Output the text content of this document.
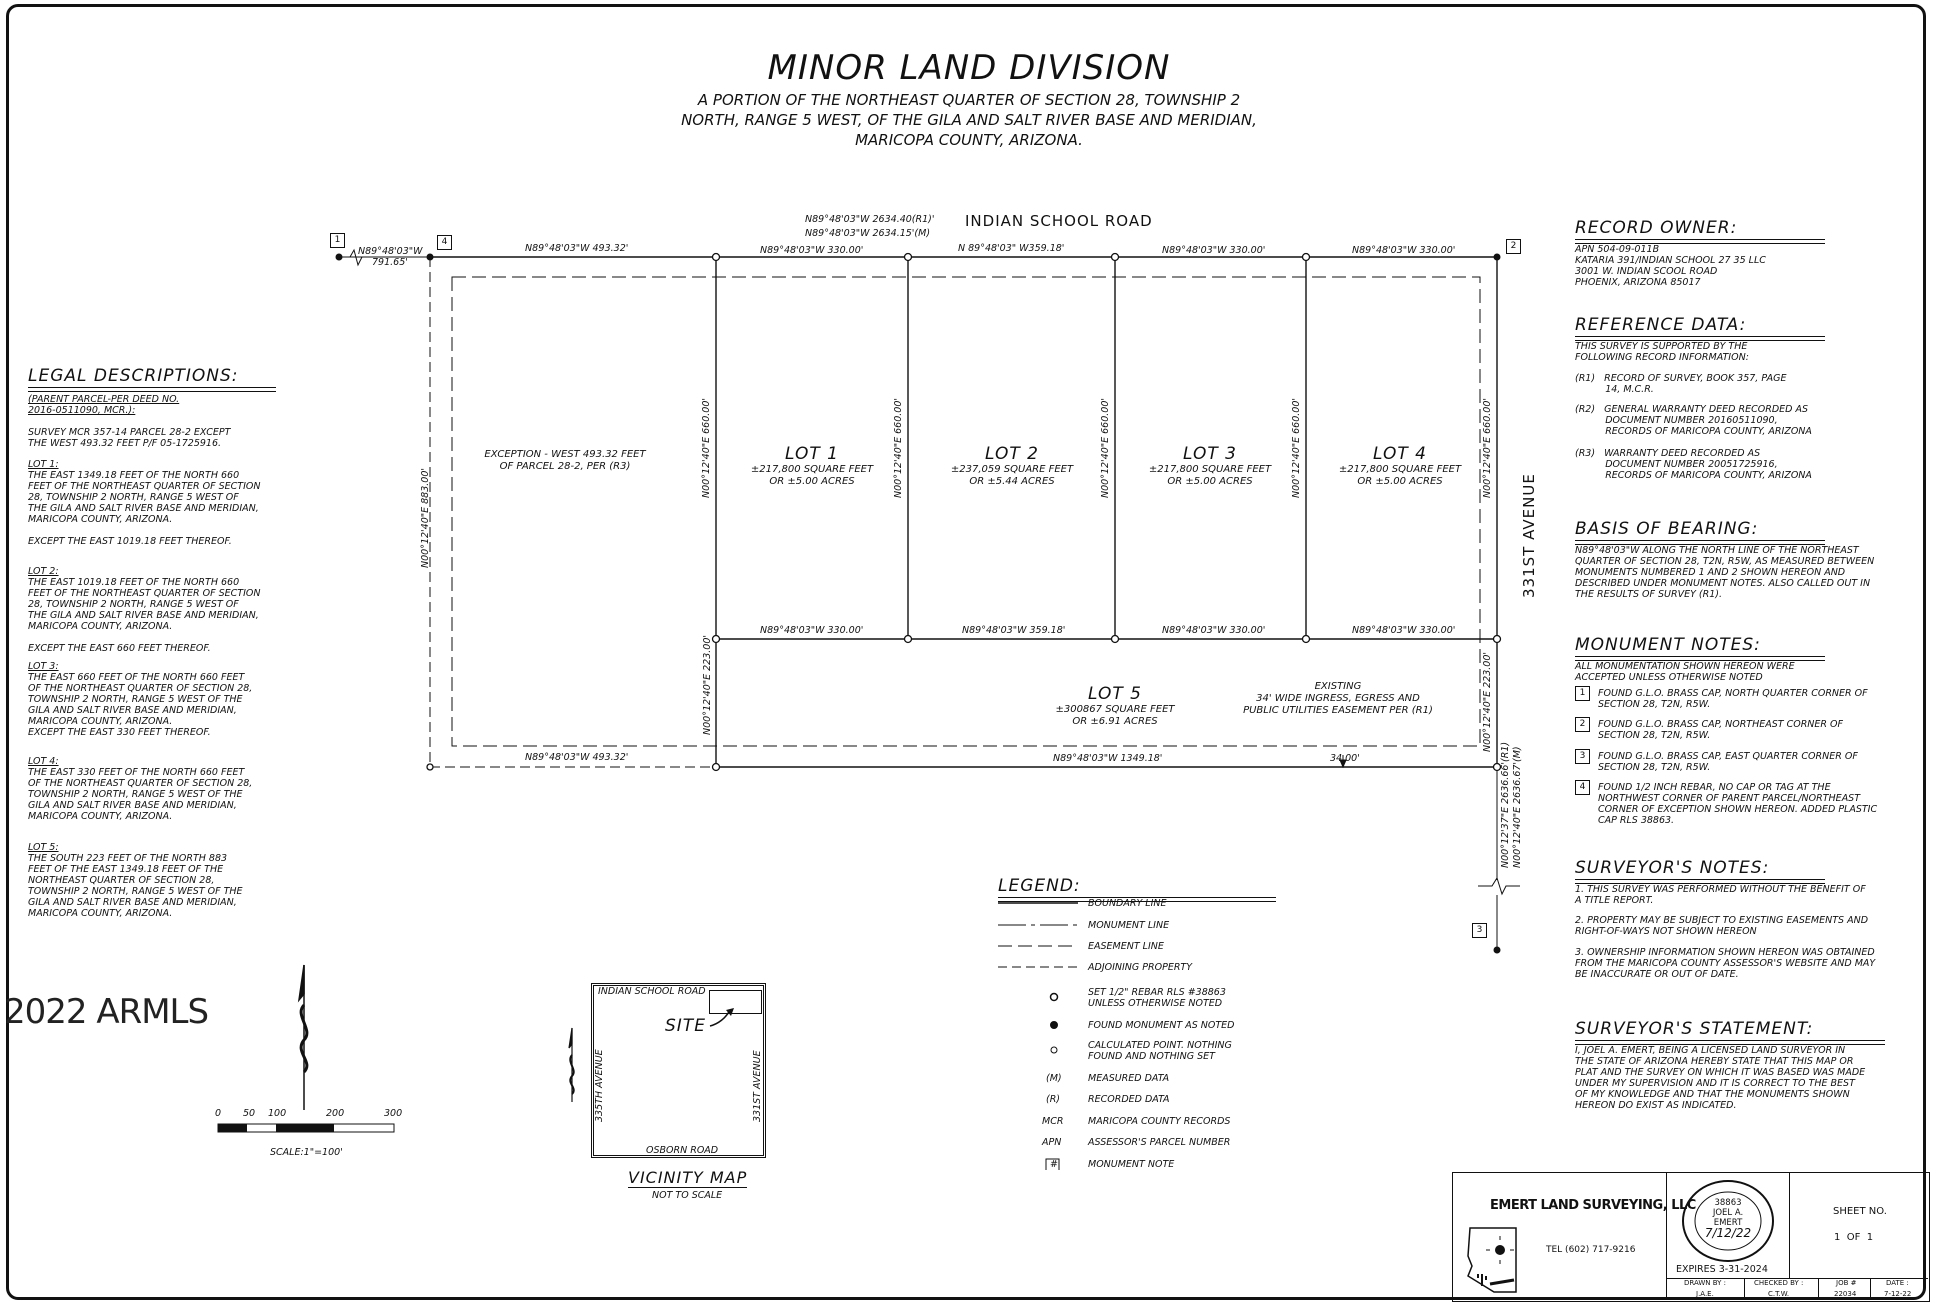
MINOR LAND DIVISION
A PORTION OF THE NORTHEAST QUARTER OF SECTION 28, TOWNSHIP 2
NORTH, RANGE 5 WEST, OF THE GILA AND SALT RIVER BASE AND MERIDIAN,
MARICOPA COUNTY, ARIZONA.
1	4	2
3
INDIAN SCHOOL ROAD
331ST AVENUE
N89°48'03"W 2634.40(R1)'
N89°48'03"W 2634.15'(M)
N89°48'03"W
791.65'
N89°48'03"W 493.32'	N89°48'03"W 330.00'	N 89°48'03" W359.18'	N89°48'03"W 330.00'	N89°48'03"W 330.00'
N89°48'03"W 330.00'	N89°48'03"W 359.18'	N89°48'03"W 330.00'	N89°48'03"W 330.00'
N89°48'03"W 493.32'	N89°48'03"W 1349.18'	34.00'
N00°12'40"E 883.00'
N00°12'40"E 660.00'	N00°12'40"E 660.00'	N00°12'40"E 660.00'	N00°12'40"E 660.00'	N00°12'40"E 660.00'
N00°12'40"E 223.00'	N00°12'40"E 223.00'
N00°12'37"E 2636.66'(R1) N00°12'40"E 2636.67'(M)
EXCEPTION - WEST 493.32 FEET
OF PARCEL 28-2, PER (R3)
LOT 1
±217,800 SQUARE FEET
OR ±5.00 ACRES
LOT 2
±237,059 SQUARE FEET
OR ±5.44 ACRES
LOT 3
±217,800 SQUARE FEET
OR ±5.00 ACRES
LOT 4
±217,800 SQUARE FEET
OR ±5.00 ACRES
LOT 5
±300867 SQUARE FEET
OR ±6.91 ACRES
EXISTING
34' WIDE INGRESS, EGRESS AND
PUBLIC UTILITIES EASEMENT PER (R1)
LEGAL DESCRIPTIONS:
(PARENT PARCEL-PER DEED NO.
2016-0511090, MCR.):
SURVEY MCR 357-14 PARCEL 28-2 EXCEPT
THE WEST 493.32 FEET P/F 05-1725916.
LOT 1:
THE EAST 1349.18 FEET OF THE NORTH 660
FEET OF THE NORTHEAST QUARTER OF SECTION
28, TOWNSHIP 2 NORTH, RANGE 5 WEST OF
THE GILA AND SALT RIVER BASE AND MERIDIAN,
MARICOPA COUNTY, ARIZONA.

EXCEPT THE EAST 1019.18 FEET THEREOF.
LOT 2:
THE EAST 1019.18 FEET OF THE NORTH 660
FEET OF THE NORTHEAST QUARTER OF SECTION
28, TOWNSHIP 2 NORTH, RANGE 5 WEST OF
THE GILA AND SALT RIVER BASE AND MERIDIAN,
MARICOPA COUNTY, ARIZONA.

EXCEPT THE EAST 660 FEET THEREOF.
LOT 3:
THE EAST 660 FEET OF THE NORTH 660 FEET
OF THE NORTHEAST QUARTER OF SECTION 28,
TOWNSHIP 2 NORTH, RANGE 5 WEST OF THE
GILA AND SALT RIVER BASE AND MERIDIAN,
MARICOPA COUNTY, ARIZONA.
EXCEPT THE EAST 330 FEET THEREOF.
LOT 4:
THE EAST 330 FEET OF THE NORTH 660 FEET
OF THE NORTHEAST QUARTER OF SECTION 28,
TOWNSHIP 2 NORTH, RANGE 5 WEST OF THE
GILA AND SALT RIVER BASE AND MERIDIAN,
MARICOPA COUNTY, ARIZONA.
LOT 5:
THE SOUTH 223 FEET OF THE NORTH 883
FEET OF THE EAST 1349.18 FEET OF THE
NORTHEAST QUARTER OF SECTION 28,
TOWNSHIP 2 NORTH, RANGE 5 WEST OF THE
GILA AND SALT RIVER BASE AND MERIDIAN,
MARICOPA COUNTY, ARIZONA.
RECORD OWNER:
APN 504-09-011B
KATARIA 391/INDIAN SCHOOL 27 35 LLC
3001 W. INDIAN SCOOL ROAD
PHOENIX, ARIZONA 85017
REFERENCE DATA:
THIS SURVEY IS SUPPORTED BY THE
FOLLOWING RECORD INFORMATION:
(R1)   RECORD OF SURVEY, BOOK 357, PAGE
14, M.C.R.
(R2)   GENERAL WARRANTY DEED RECORDED AS
DOCUMENT NUMBER 20160511090,
RECORDS OF MARICOPA COUNTY, ARIZONA
(R3)   WARRANTY DEED RECORDED AS
DOCUMENT NUMBER 20051725916,
RECORDS OF MARICOPA COUNTY, ARIZONA
BASIS OF BEARING:
N89°48'03"W ALONG THE NORTH LINE OF THE NORTHEAST
QUARTER OF SECTION 28, T2N, R5W, AS MEASURED BETWEEN
MONUMENTS NUMBERED 1 AND 2 SHOWN HEREON AND
DESCRIBED UNDER MONUMENT NOTES. ALSO CALLED OUT IN
THE RESULTS OF SURVEY (R1).
MONUMENT NOTES:
ALL MONUMENTATION SHOWN HEREON WERE
ACCEPTED UNLESS OTHERWISE NOTED
1	FOUND G.L.O. BRASS CAP, NORTH QUARTER CORNER OF
SECTION 28, T2N, R5W.
2	FOUND G.L.O. BRASS CAP, NORTHEAST CORNER OF
SECTION 28, T2N, R5W.
3	FOUND G.L.O. BRASS CAP, EAST QUARTER CORNER OF
SECTION 28, T2N, R5W.
4	FOUND 1/2 INCH REBAR, NO CAP OR TAG AT THE
NORTHWEST CORNER OF PARENT PARCEL/NORTHEAST
CORNER OF EXCEPTION SHOWN HEREON. ADDED PLASTIC
CAP RLS 38863.
SURVEYOR'S NOTES:
1. THIS SURVEY WAS PERFORMED WITHOUT THE BENEFIT OF
A TITLE REPORT.
2. PROPERTY MAY BE SUBJECT TO EXISTING EASEMENTS AND
RIGHT-OF-WAYS NOT SHOWN HEREON
3. OWNERSHIP INFORMATION SHOWN HEREON WAS OBTAINED
FROM THE MARICOPA COUNTY ASSESSOR'S WEBSITE AND MAY
BE INACCURATE OR OUT OF DATE.
SURVEYOR'S STATEMENT:
I, JOEL A. EMERT, BEING A LICENSED LAND SURVEYOR IN
THE STATE OF ARIZONA HEREBY STATE THAT THIS MAP OR
PLAT AND THE SURVEY ON WHICH IT WAS BASED WAS MADE
UNDER MY SUPERVISION AND IT IS CORRECT TO THE BEST
OF MY KNOWLEDGE AND THAT THE MONUMENTS SHOWN
HEREON DO EXIST AS INDICATED.
LEGEND:
BOUNDARY LINE
MONUMENT LINE
EASEMENT LINE
ADJOINING PROPERTY
SET 1/2" REBAR RLS #38863
UNLESS OTHERWISE NOTED
FOUND MONUMENT AS NOTED
CALCULATED POINT. NOTHING
FOUND AND NOTHING SET
(M)	MEASURED DATA
(R)	RECORDED DATA
MCR	MARICOPA COUNTY RECORDS
APN	ASSESSOR'S PARCEL NUMBER
#	MONUMENT NOTE
0 50 100	200	300
SCALE:1"=100'
INDIAN SCHOOL ROAD
OSBORN ROAD
335TH AVENUE	331ST AVENUE
SITE
VICINITY MAP
NOT TO SCALE
EMERT LAND SURVEYING, LLC
TEL (602) 717-9216
38863
JOEL A.
EMERT
7/12/22
EXPIRES 3-31-2024
SHEET NO.
1  OF  1
DRAWN BY :
J.A.E.
CHECKED BY :
C.T.W.
JOB #
22034
DATE :
7-12-22
2022 ARMLS
